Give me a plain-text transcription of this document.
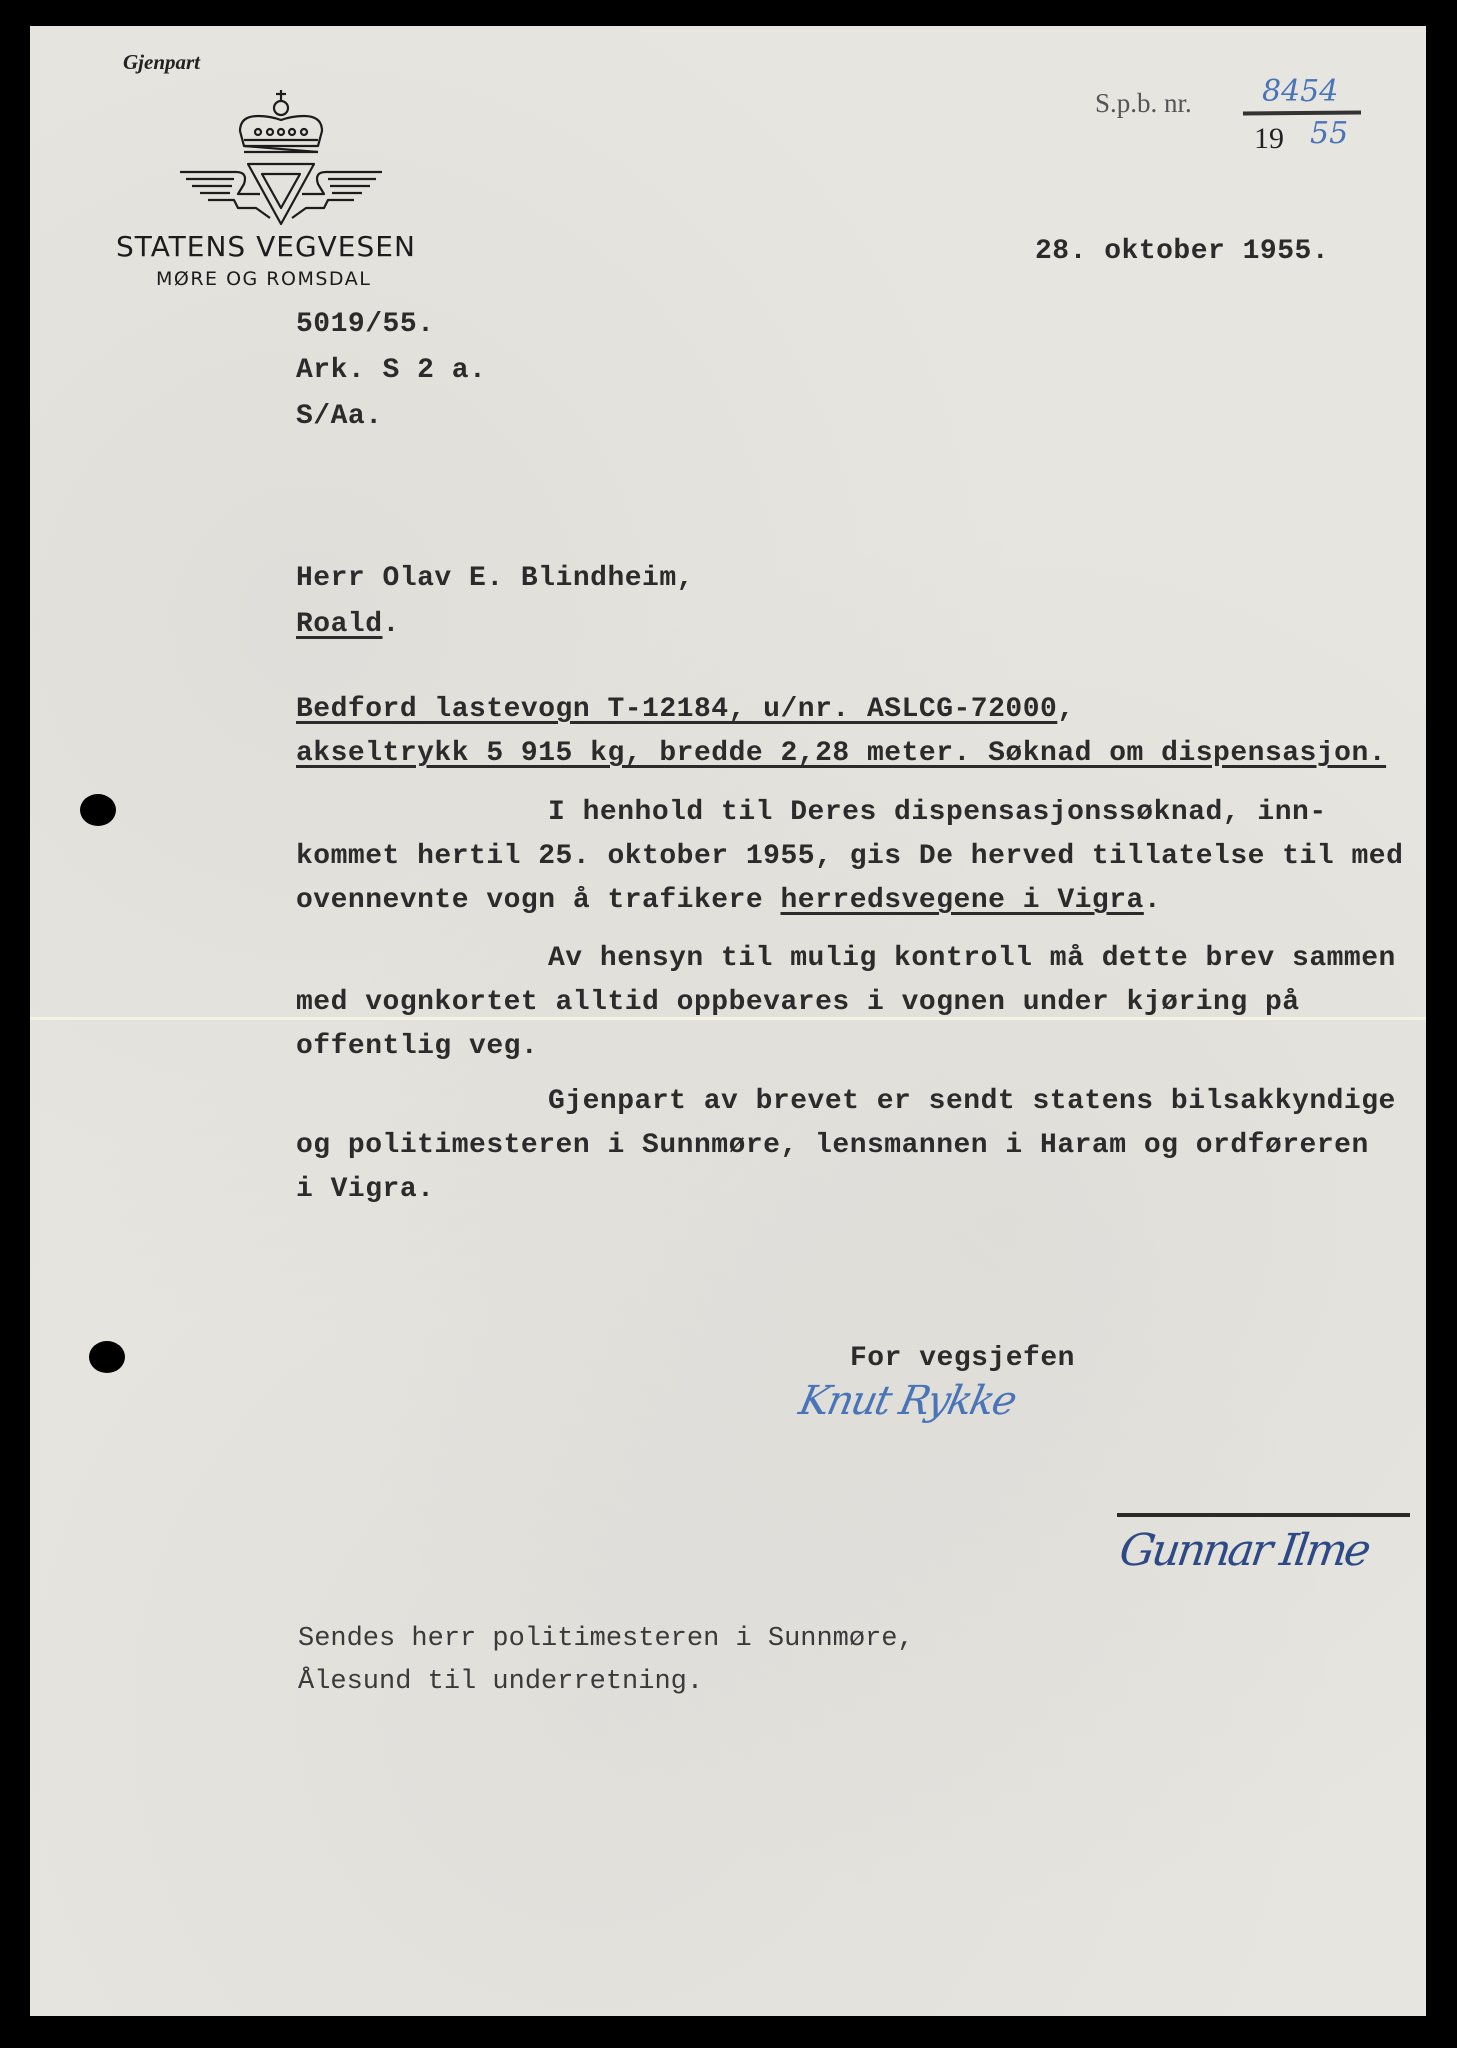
Gjenpart
STATENS VEGVESEN
MØRE OG ROMSDAL
S.p.b. nr. 8454
19 55
28. oktober 1955.
5019/55.
Ark. S 2 a.
S/Aa.
Herr Olav E. Blindheim,
Roald.
Bedford lastevogn T-12184, u/nr. ASLCG-72000,
akseltrykk 5 915 kg, bredde 2,28 meter. Søknad om dispensasjon.
I henhold til Deres dispensasjonssøknad, inn-
kommet hertil 25. oktober 1955, gis De herved tillatelse til med
ovennevnte vogn å trafikere herredsvegene i Vigra.
Av hensyn til mulig kontroll må dette brev sammen
med vognkortet alltid oppbevares i vognen under kjøring på
offentlig veg.
Gjenpart av brevet er sendt statens bilsakkyndige
og politimesteren i Sunnmøre, lensmannen i Haram og ordføreren
i Vigra.
For vegsjefen
Knut Rykke
Gunnar Ilme
Sendes herr politimesteren i Sunnmøre,
Ålesund til underretning.
